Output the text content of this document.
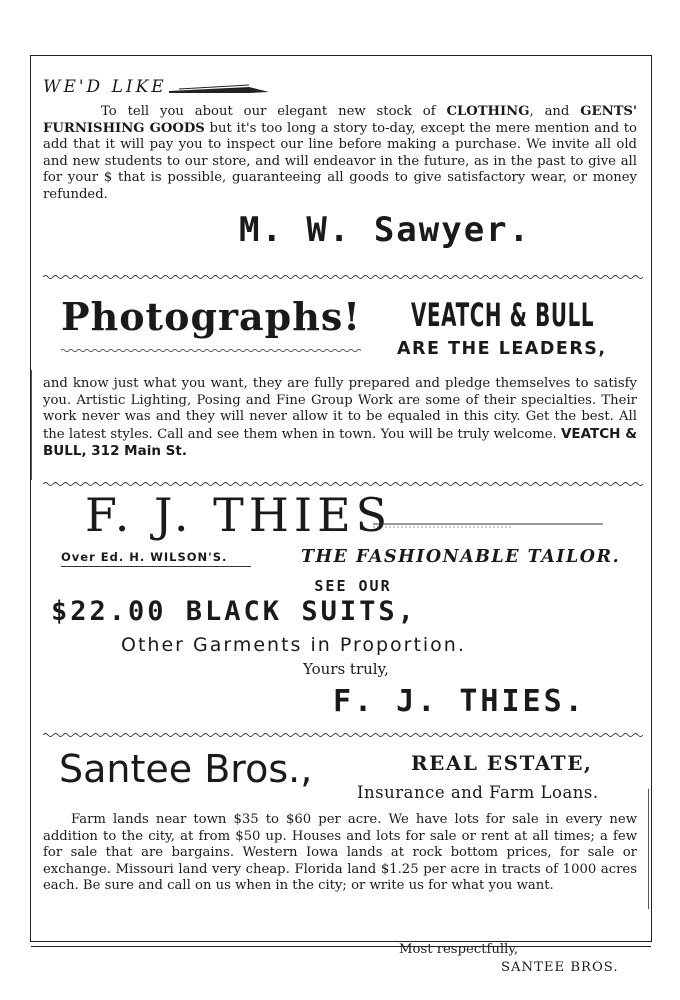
WE'D LIKE

To tell you about our elegant new stock of CLOTHING, and GENTS' FURNISHING GOODS but it's too long a story to-day, except the mere mention and to add that it will pay you to inspect our line before making a purchase. We invite all old and new students to our store, and will endeavor in the future, as in the past to give all for your $ that is possible, guaranteeing all goods to give satisfactory wear, or money refunded.

M. W. Sawyer.
Photographs! VEATCH & BULL
ARE THE LEADERS,

and know just what you want, they are fully prepared and pledge themselves to satisfy you. Artistic Lighting, Posing and Fine Group Work are some of their specialties. Their work never was and they will never allow it to be equaled in this city. Get the best. All the latest styles. Call and see them when in town. You will be truly welcome. VEATCH & BULL, 312 Main St.

F. J. THIES
Over Ed. H. WILSON'S.	THE FASHIONABLE TAILOR.
SEE OUR
$22.00 BLACK SUITS,
Other Garments in Proportion.
Yours truly,
F. J. THIES.
Santee Bros.,	REAL ESTATE,
Insurance and Farm Loans.

Farm lands near town $35 to $60 per acre. We have lots for sale in every new addition to the city, at from $50 up. Houses and lots for sale or rent at all times; a few for sale that are bargains. Western Iowa lands at rock bottom prices, for sale or exchange. Missouri land very cheap. Florida land $1.25 per acre in tracts of 1000 acres each. Be sure and call on us when in the city; or write us for what you want.

Most respectfully,
SANTEE BROS.
